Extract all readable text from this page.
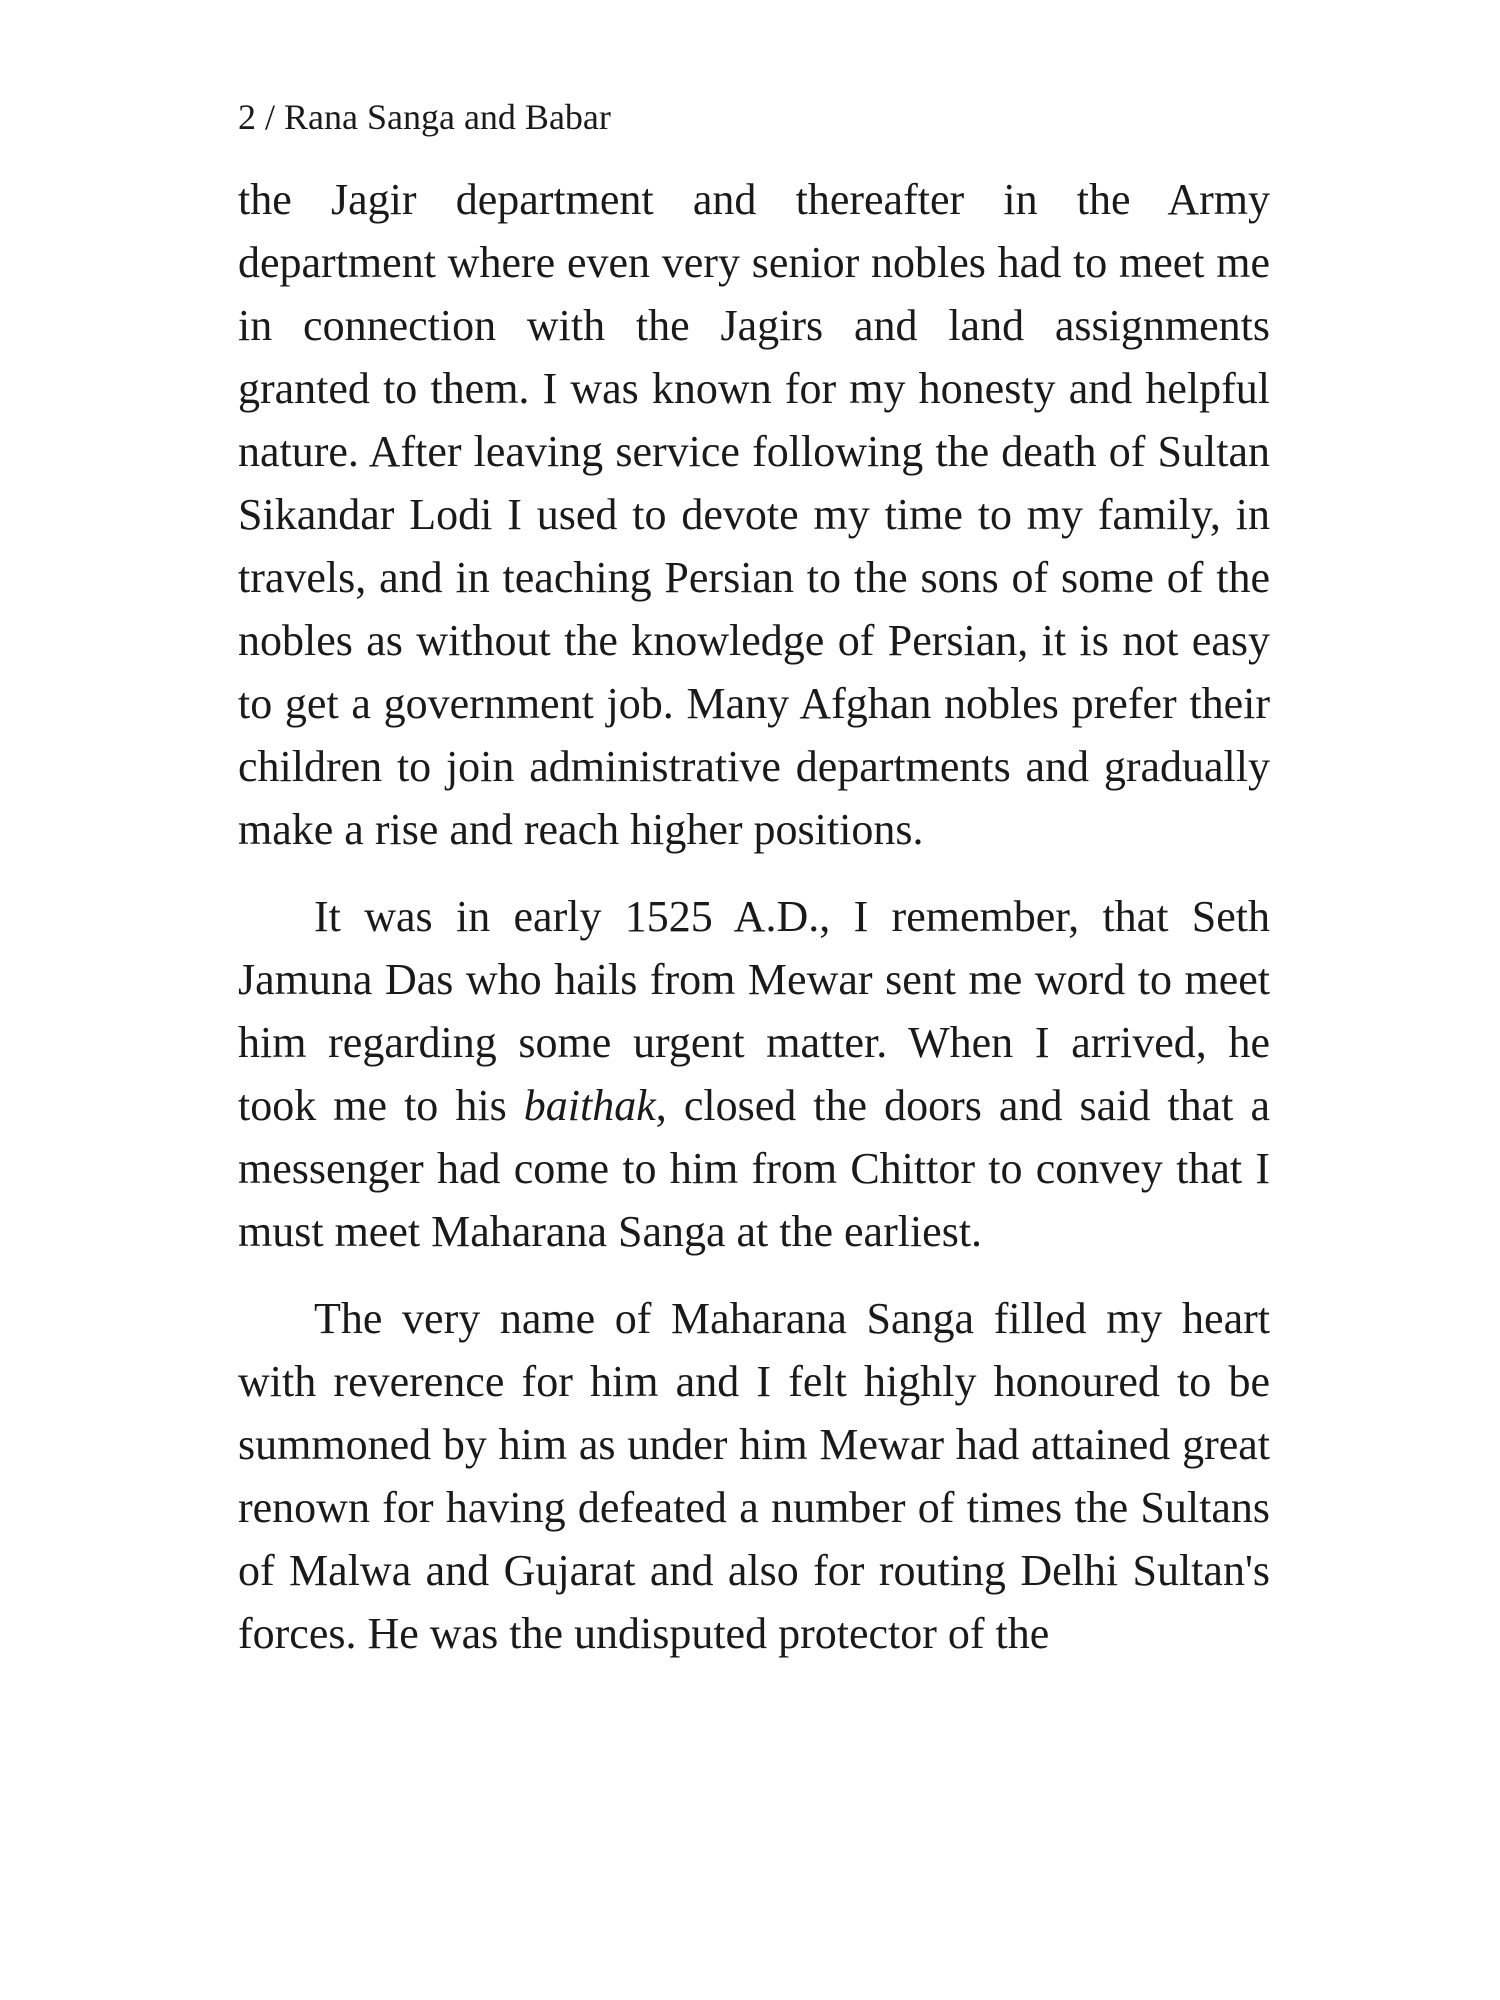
2 / Rana Sanga and Babar

the Jagir department and thereafter in the Army department where even very senior nobles had to meet me in connection with the Jagirs and land assignments granted to them. I was known for my honesty and helpful nature. After leaving service following the death of Sultan Sikandar Lodi I used to devote my time to my family, in travels, and in teaching Persian to the sons of some of the nobles as without the knowledge of Persian, it is not easy to get a government job. Many Afghan nobles prefer their children to join administrative departments and gradually make a rise and reach higher positions.

It was in early 1525 A.D., I remember, that Seth Jamuna Das who hails from Mewar sent me word to meet him regarding some urgent matter. When I arrived, he took me to his baithak, closed the doors and said that a messenger had come to him from Chittor to convey that I must meet Maharana Sanga at the earliest.

The very name of Maharana Sanga filled my heart with reverence for him and I felt highly honoured to be summoned by him as under him Mewar had attained great renown for having defeated a number of times the Sultans of Malwa and Gujarat and also for routing Delhi Sultan's forces. He was the undisputed protector of the
